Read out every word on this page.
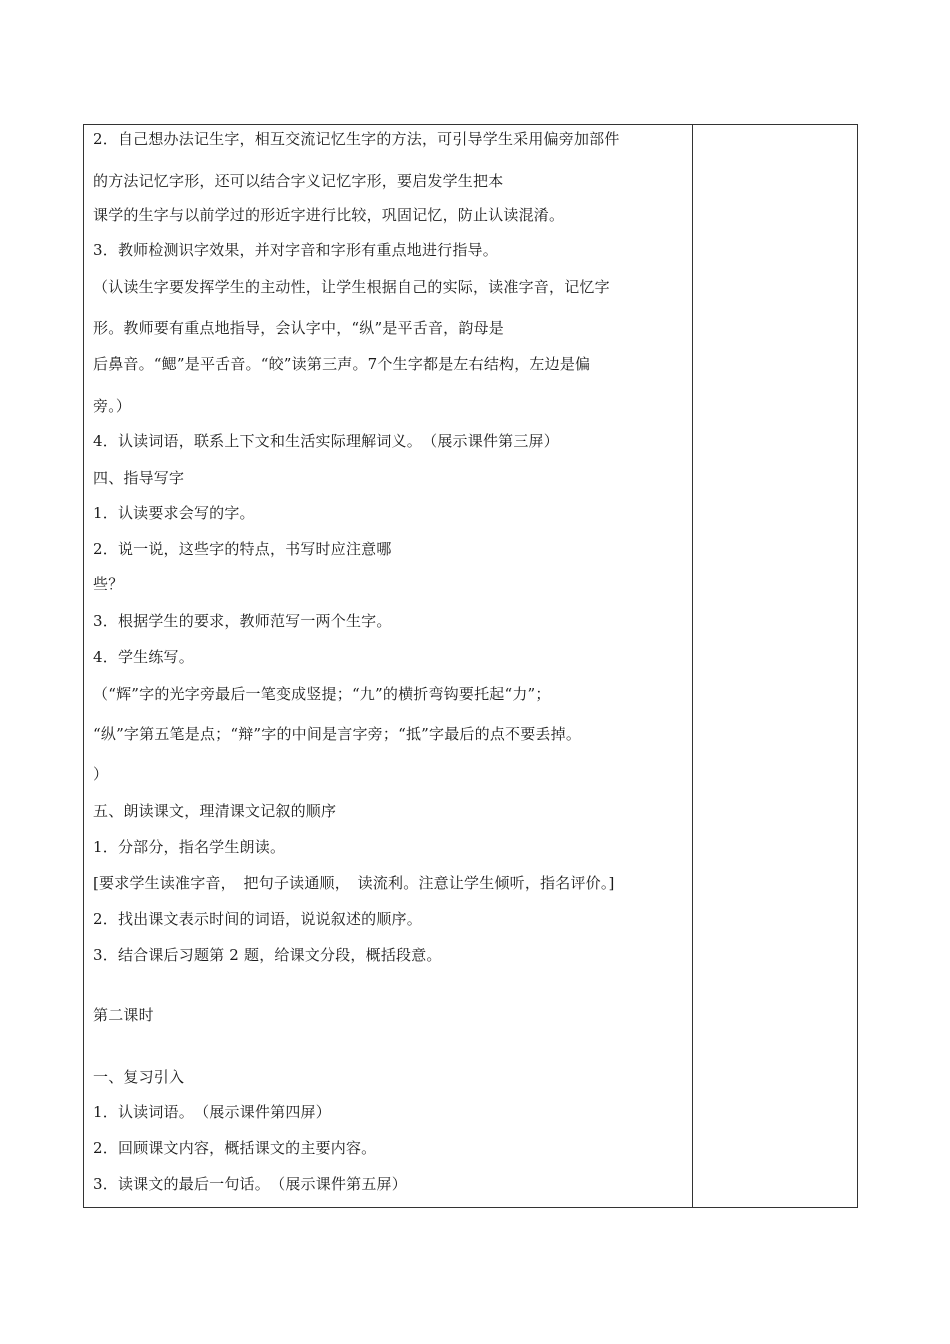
2．自己想办法记生字，相互交流记忆生字的方法，可引导学生采用偏旁加部件
的方法记忆字形，还可以结合字义记忆字形，要启发学生把本
课学的生字与以前学过的形近字进行比较，巩固记忆，防止认读混淆。
3．教师检测识字效果，并对字音和字形有重点地进行指导。
（认读生字要发挥学生的主动性，让学生根据自己的实际，读准字音，记忆字
形。教师要有重点地指导，会认字中，“纵”是平舌音，韵母是
后鼻音。“鳃”是平舌音。“皎”读第三声。7个生字都是左右结构，左边是偏
旁。）
4．认读词语，联系上下文和生活实际理解词义。　（展示课件第三屏）
四、指导写字
1．认读要求会写的字。
2．说一说，这些字的特点，书写时应注意哪
些？
3．根据学生的要求，教师范写一两个生字。
4．学生练写。
（“辉”字的光字旁最后一笔变成竖提；“九”的横折弯钩要托起“力”；
“纵”字第五笔是点；“辩”字的中间是言字旁；“抵”字最后的点不要丢掉。
）
五、朗读课文，理清课文记叙的顺序
1．分部分，指名学生朗读。
[要求学生读准字音，　把句子读通顺，　读流利。注意让学生倾听，指名评价。]
2．找出课文表示时间的词语，说说叙述的顺序。
3．结合课后习题第 2 题，给课文分段，概括段意。
第二课时
一、复习引入
1．认读词语。　（展示课件第四屏）
2．回顾课文内容，概括课文的主要内容。
3．读课文的最后一句话。　（展示课件第五屏）
